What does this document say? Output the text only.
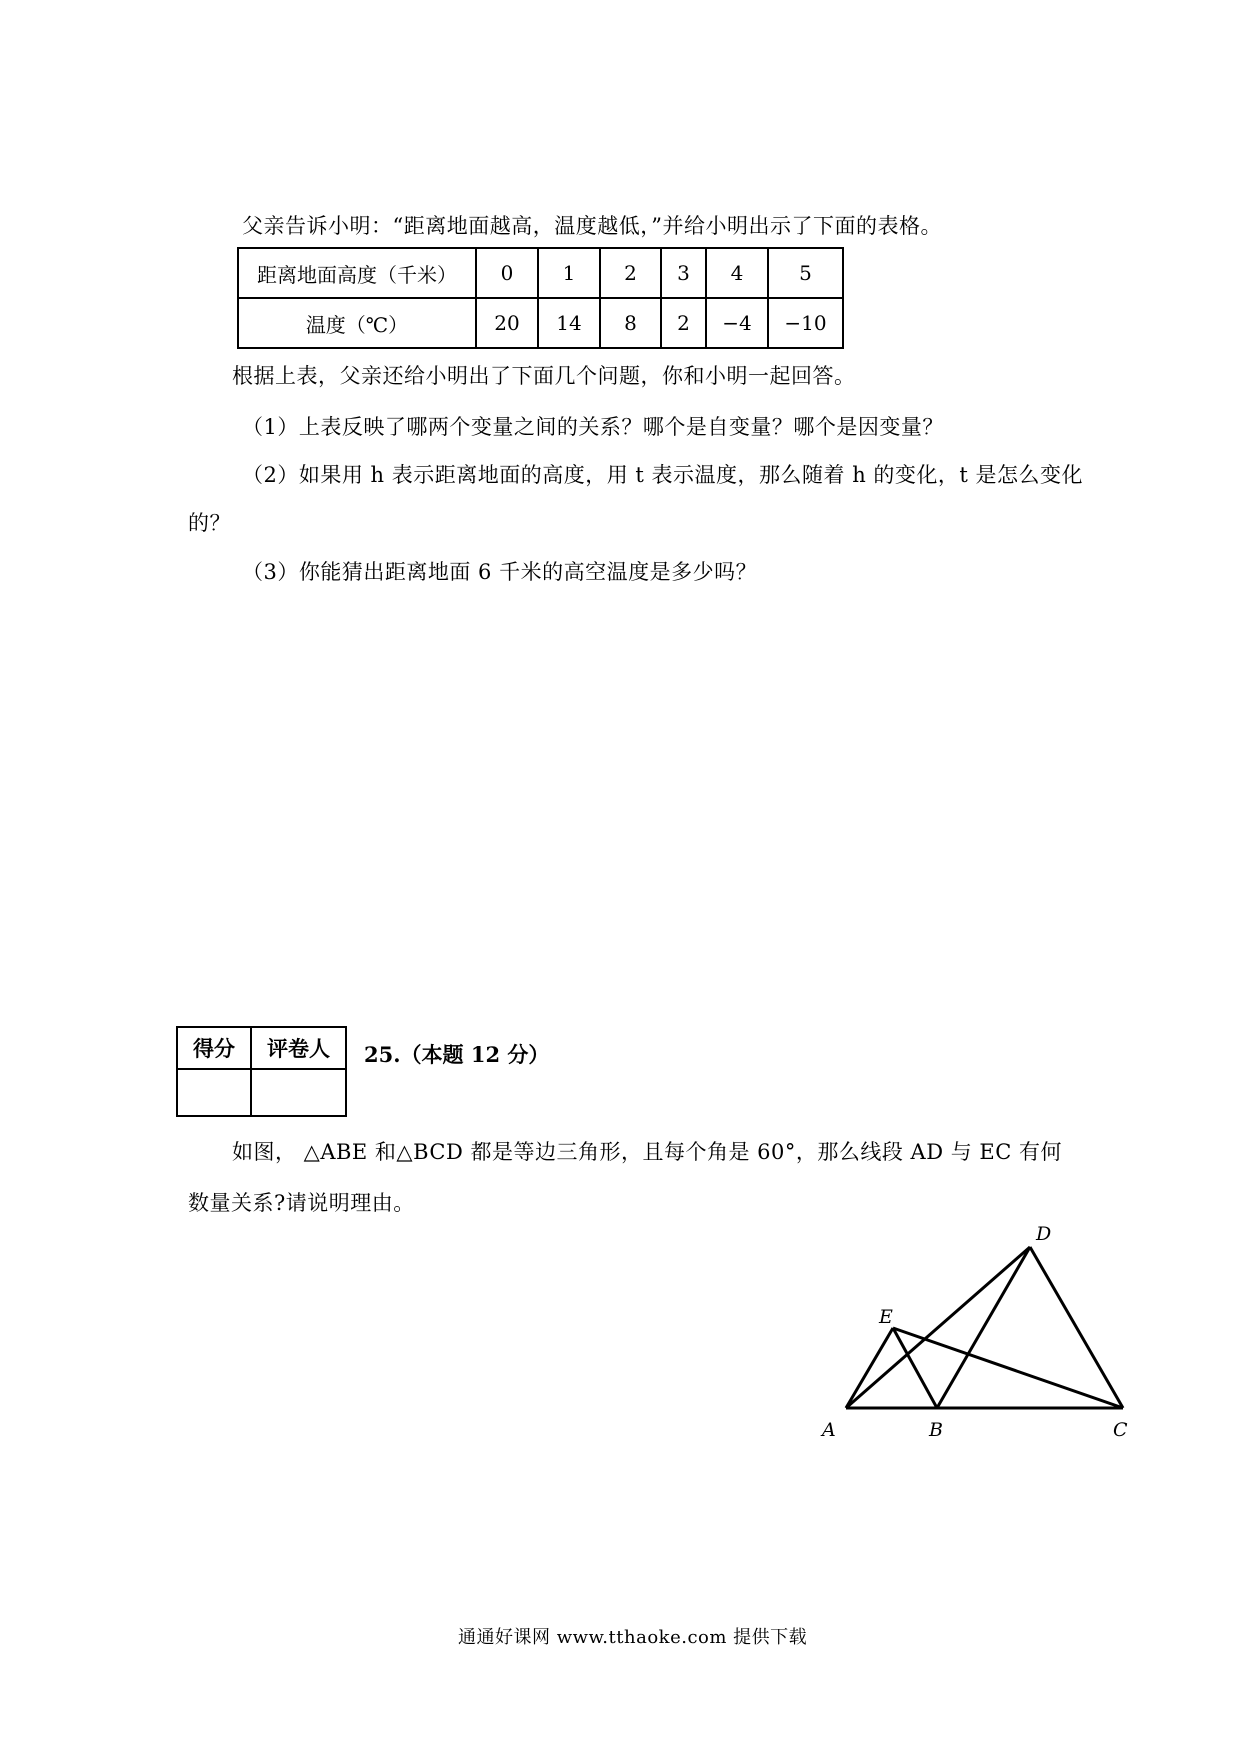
父亲告诉小明：“距离地面越高，温度越低，”并给小明出示了下面的表格。
距离地面高度（千米）	0	1	2	3	4	5
温度（℃）	20	14	8	2	−4	−10
根据上表，父亲还给小明出了下面几个问题，你和小明一起回答。
（1）上表反映了哪两个变量之间的关系？哪个是自变量？哪个是因变量？
（2）如果用 h 表示距离地面的高度，用 t 表示温度，那么随着 h 的变化，t 是怎么变化
的？
（3）你能猜出距离地面 6 千米的高空温度是多少吗？
得分	评卷人
	25.（本题 12 分）
如图， △ABE 和△BCD 都是等边三角形，且每个角是 60°，那么线段 AD 与 EC 有何
数量关系?请说明理由。
A	B	C
D
E
通通好课网 www.tthaoke.com 提供下载
